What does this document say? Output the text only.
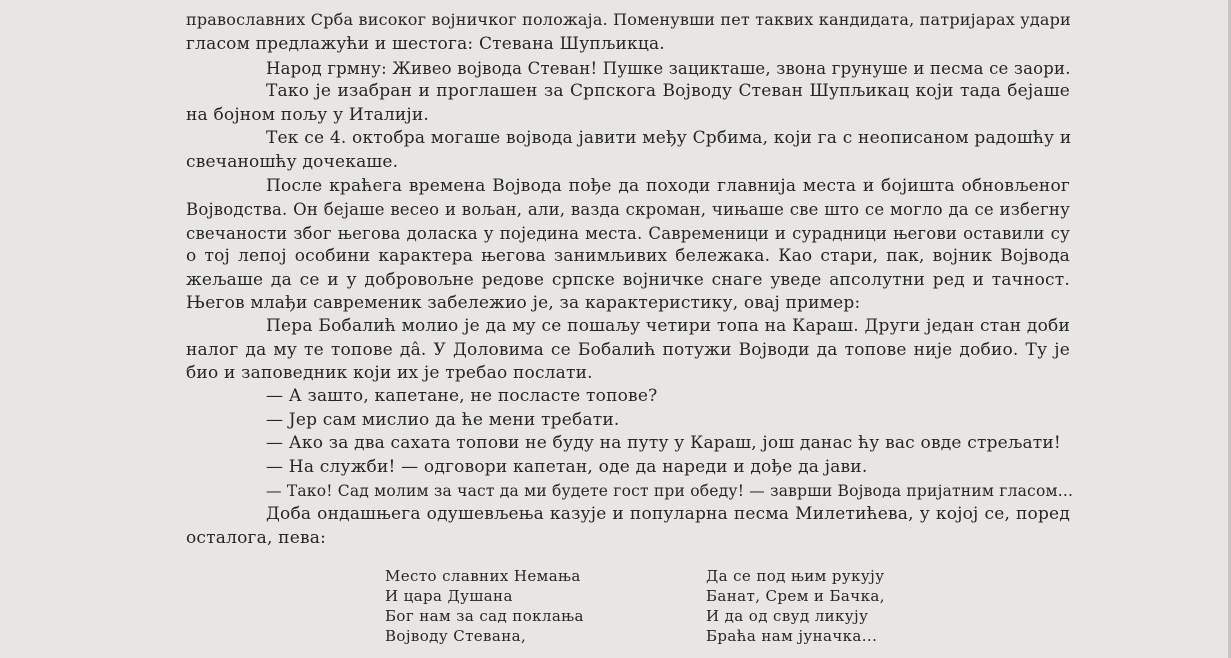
православних Срба високог војничког положаја. Поменувши пет таквих кандидата, патријарах удари
гласом предлажући и шестога: Стевана Шупљикца.
Народ грмну: Живео војвода Стеван! Пушке зацикташе, звона грунуше и песма се заори.
Тако је изабран и проглашен за Српскога Војводу Стеван Шупљикац који тада бејаше
на бојном пољу у Италији.
Тек се 4. октобра могаше војвода јавити међу Србима, који га с неописаном радошћу и
свечаношћу дочекаше.
После краћега времена Војвода пође да походи главнија места и бојишта обновљеног
Војводства. Он бејаше весео и вољан, али, вазда скроман, чињаше све што се могло да се избегну
свечаности због његова доласка у поједина места. Савременици и сурадници његови оставили су
о тој лепој особини карактера његова занимљивих бележака. Као стари, пак, војник Војвода
жељаше да се и у добровољне редове српске војничке снаге уведе апсолутни ред и тачност.
Његов млађи савременик забележио је, за карактеристику, овај пример:
Пера Бобалић молио је да му се пошаљу четири топа на Караш. Други један стан доби
налог да му те топове да̂. У Доловима се Бобалић потужи Војводи да топове није добио. Ту је
био и заповедник који их је требао послати.
— А зашто, капетане, не посласте топове?
— Јер сам мислио да ће мени требати.
— Ако за два сахата топови не буду на путу у Караш, још данас ћу вас овде стрељати!
— На служби! — одговори капетан, оде да нареди и дође да јави.
— Тако! Сад молим за част да ми будете гост при обеду! — заврши Војвода пријатним гласом...
Доба ондашњега одушевљења казује и популарна песма Милетићева, у којој се, поред
осталога, пева:
Место славних Немања
И цара Душана
Бог нам за сад поклања
Војводу Стевана,
Да се под њим рукују
Банат, Срем и Бачка,
И да од свуд ликују
Браћа нам јуначка...
